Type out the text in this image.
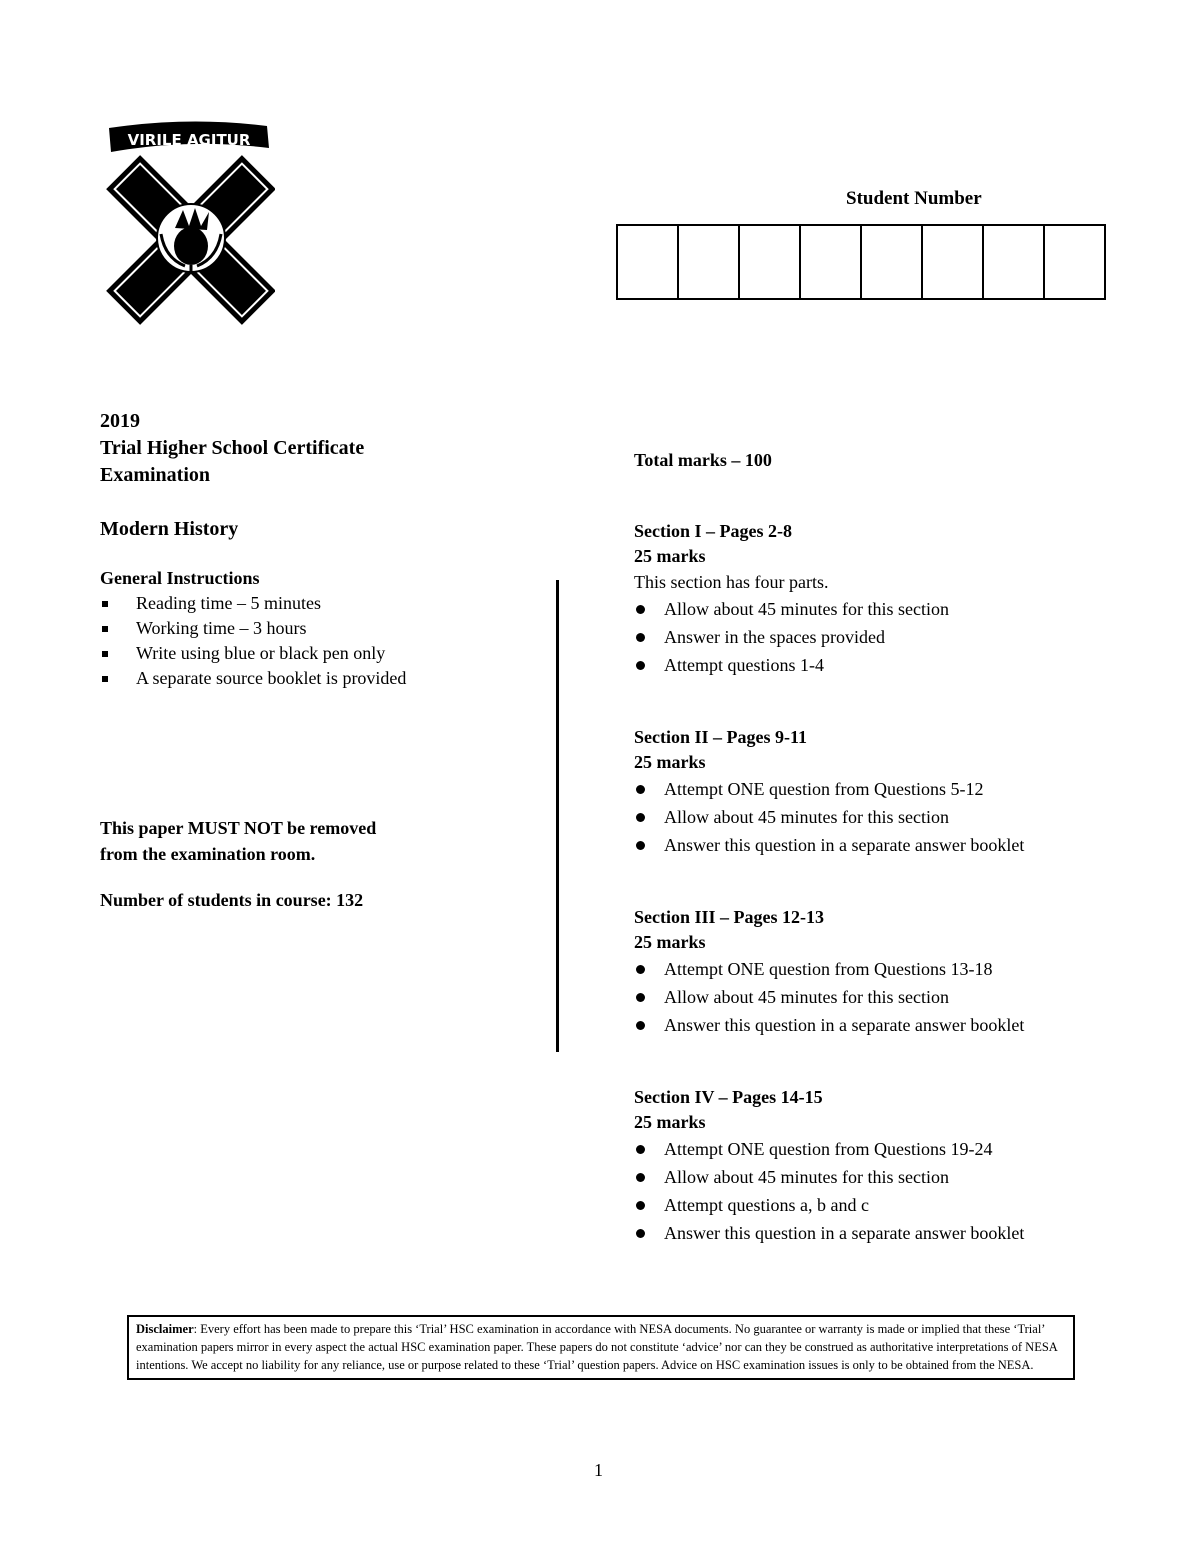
VIRILE AGITUR
Student Number
2019
Trial Higher School Certificate
Examination
Modern History
General Instructions
Reading time – 5 minutes
Working time – 3 hours
Write using blue or black pen only
A separate source booklet is provided
This paper MUST NOT be removed
from the examination room.
Number of students in course: 132
Total marks – 100
Section I – Pages 2-8
25 marks
This section has four parts.
Allow about 45 minutes for this section
Answer in the spaces provided
Attempt questions 1-4
Section II – Pages 9-11
25 marks
Attempt ONE question from Questions 5-12
Allow about 45 minutes for this section
Answer this question in a separate answer booklet
Section III – Pages 12-13
25 marks
Attempt ONE question from Questions 13-18
Allow about 45 minutes for this section
Answer this question in a separate answer booklet
Section IV – Pages 14-15
25 marks
Attempt ONE question from Questions 19-24
Allow about 45 minutes for this section
Attempt questions a, b and c
Answer this question in a separate answer booklet
Disclaimer: Every effort has been made to prepare this ‘Trial’ HSC examination in accordance with NESA documents. No guarantee or warranty is made or implied that these ‘Trial’ examination papers mirror in every aspect the actual HSC examination paper. These papers do not constitute ‘advice’ nor can they be construed as authoritative interpretations of NESA intentions. We accept no liability for any reliance, use or purpose related to these ‘Trial’ question papers. Advice on HSC examination issues is only to be obtained from the NESA.
1
